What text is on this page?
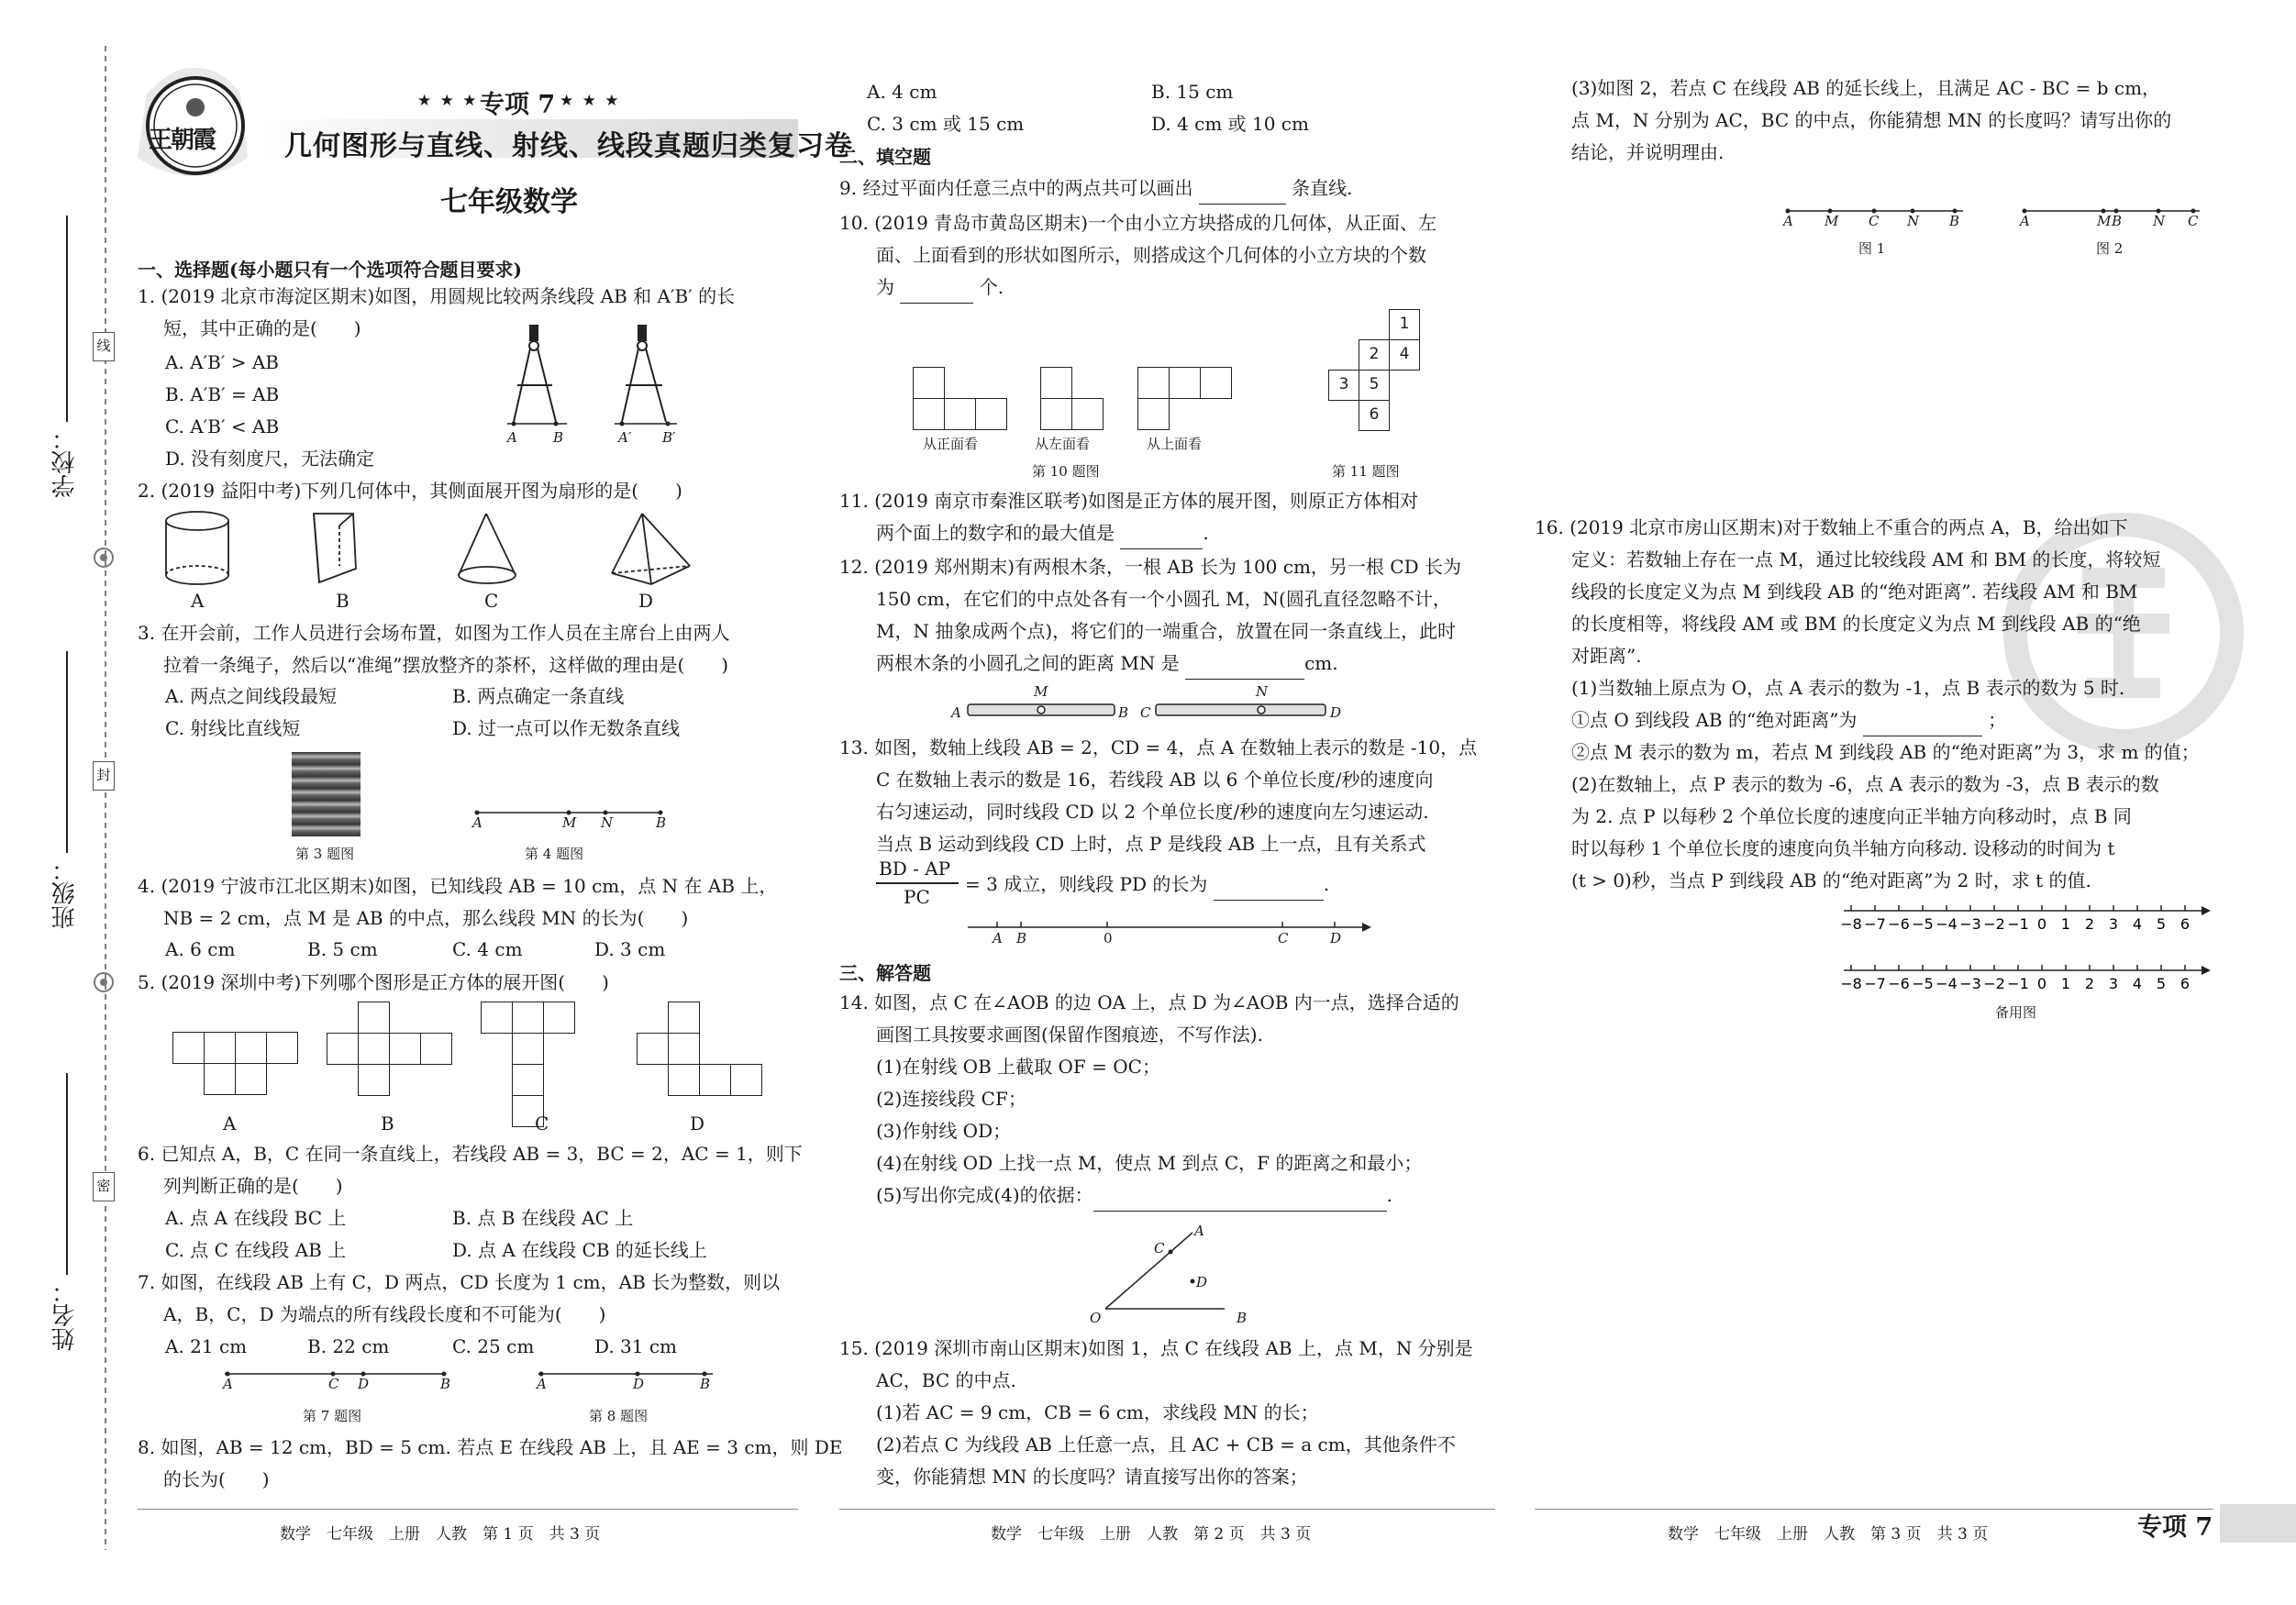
学校：
班级：
姓名：
线
封
密
王朝霞
★ ★ ★ 专项 7 ★ ★ ★
几何图形与直线、射线、线段真题归类复习卷
七年级数学
一、选择题(每小题只有一个选项符合题目要求)
1. (2019 北京市海淀区期末)如图，用圆规比较两条线段 AB 和 A′B′ 的长
短，其中正确的是(　　)
A. A′B′ > AB
B. A′B′ = AB
C. A′B′ < AB
D. 没有刻度尺，无法确定
A	B	A′ B′
2. (2019 益阳中考)下列几何体中，其侧面展开图为扇形的是(　　)
A	B	C	D
3. 在开会前，工作人员进行会场布置，如图为工作人员在主席台上由两人
拉着一条绳子，然后以“准绳”摆放整齐的茶杯，这样做的理由是(　　)
A. 两点之间线段最短	B. 两点确定一条直线
C. 射线比直线短	D. 过一点可以作无数条直线
A	M N	B
第 3 题图	第 4 题图
4. (2019 宁波市江北区期末)如图，已知线段 AB = 10 cm，点 N 在 AB 上，
NB = 2 cm，点 M 是 AB 的中点，那么线段 MN 的长为(　　)
A. 6 cm	B. 5 cm	C. 4 cm	D. 3 cm
5. (2019 深圳中考)下列哪个图形是正方体的展开图(　　)
A	B	C	D
6. 已知点 A，B，C 在同一条直线上，若线段 AB = 3，BC = 2，AC = 1，则下
列判断正确的是(　　)
A. 点 A 在线段 BC 上	B. 点 B 在线段 AC 上
C. 点 C 在线段 AB 上	D. 点 A 在线段 CB 的延长线上
7. 如图，在线段 AB 上有 C，D 两点，CD 长度为 1 cm，AB 长为整数，则以
A，B，C，D 为端点的所有线段长度和不可能为(　　)
A. 21 cm	B. 22 cm	C. 25 cm	D. 31 cm
A	C D	B	A	D	B
第 7 题图	第 8 题图
8. 如图，AB = 12 cm，BD = 5 cm. 若点 E 在线段 AB 上，且 AE = 3 cm，则 DE
的长为(　　)
数学　七年级　上册　人教　第 1 页　共 3 页
A. 4 cm	B. 15 cm
C. 3 cm 或 15 cm	D. 4 cm 或 10 cm
二、填空题
9. 经过平面内任意三点中的两点共可以画出	条直线.
10. (2019 青岛市黄岛区期末)一个由小立方块搭成的几何体，从正面、左
面、上面看到的形状如图所示，则搭成这个几何体的小立方块的个数
为	个.
从正面看	从左面看	从上面看
第 10 题图
1
2	4
3	5
6
第 11 题图
11. (2019 南京市秦淮区联考)如图是正方体的展开图，则原正方体相对
两个面上的数字和的最大值是	.
12. (2019 郑州期末)有两根木条，一根 AB 长为 100 cm，另一根 CD 长为
150 cm，在它们的中点处各有一个小圆孔 M，N(圆孔直径忽略不计，
M，N 抽象成两个点)，将它们的一端重合，放置在同一条直线上，此时
两根木条的小圆孔之间的距离 MN 是	cm.
A
M
B C
N
D
13. 如图，数轴上线段 AB = 2，CD = 4，点 A 在数轴上表示的数是 -10，点
C 在数轴上表示的数是 16，若线段 AB 以 6 个单位长度/秒的速度向
右匀速运动，同时线段 CD 以 2 个单位长度/秒的速度向左匀速运动.
当点 B 运动到线段 CD 上时，点 P 是线段 AB 上一点，且有关系式
BD - AP
PC
= 3 成立，则线段 PD 的长为	.
A B	0	C	D
三、解答题
14. 如图，点 C 在∠AOB 的边 OA 上，点 D 为∠AOB 内一点，选择合适的
画图工具按要求画图(保留作图痕迹，不写作法).
(1)在射线 OB 上截取 OF = OC；
(2)连接线段 CF；
(3)作射线 OD；
(4)在射线 OD 上找一点 M，使点 M 到点 C，F 的距离之和最小；
(5)写出你完成(4)的依据：	.
A
C
D
O	B
15. (2019 深圳市南山区期末)如图 1，点 C 在线段 AB 上，点 M，N 分别是
AC，BC 的中点.
(1)若 AC = 9 cm，CB = 6 cm，求线段 MN 的长；
(2)若点 C 为线段 AB 上任意一点，且 AC + CB = a cm，其他条件不
变，你能猜想 MN 的长度吗？请直接写出你的答案；
数学　七年级　上册　人教　第 2 页　共 3 页
(3)如图 2，若点 C 在线段 AB 的延长线上，且满足 AC - BC = b cm，
点 M，N 分别为 AC，BC 的中点，你能猜想 MN 的长度吗？请写出你的
结论，并说明理由.
A M C N B	A	M B N C
图 1	图 2
16. (2019 北京市房山区期末)对于数轴上不重合的两点 A，B，给出如下
定义：若数轴上存在一点 M，通过比较线段 AM 和 BM 的长度，将较短
线段的长度定义为点 M 到线段 AB 的“绝对距离”. 若线段 AM 和 BM
的长度相等，将线段 AM 或 BM 的长度定义为点 M 到线段 AB 的“绝
对距离”.
(1)当数轴上原点为 O，点 A 表示的数为 -1，点 B 表示的数为 5 时.
①点 O 到线段 AB 的“绝对距离”为	；
②点 M 表示的数为 m，若点 M 到线段 AB 的“绝对距离”为 3，求 m 的值；
(2)在数轴上，点 P 表示的数为 -6，点 A 表示的数为 -3，点 B 表示的数
为 2. 点 P 以每秒 2 个单位长度的速度向正半轴方向移动时，点 B 同
时以每秒 1 个单位长度的速度向负半轴方向移动. 设移动的时间为 t
(t > 0)秒，当点 P 到线段 AB 的“绝对距离”为 2 时，求 t 的值.
−8 −7 −6 −5 −4 −3 −2 −1 0 1 2 3 4 5 6
−8 −7 −6 −5 −4 −3 −2 −1 0 1 2 3 4 5 6
备用图
数学　七年级　上册　人教　第 3 页　共 3 页	专项 7
